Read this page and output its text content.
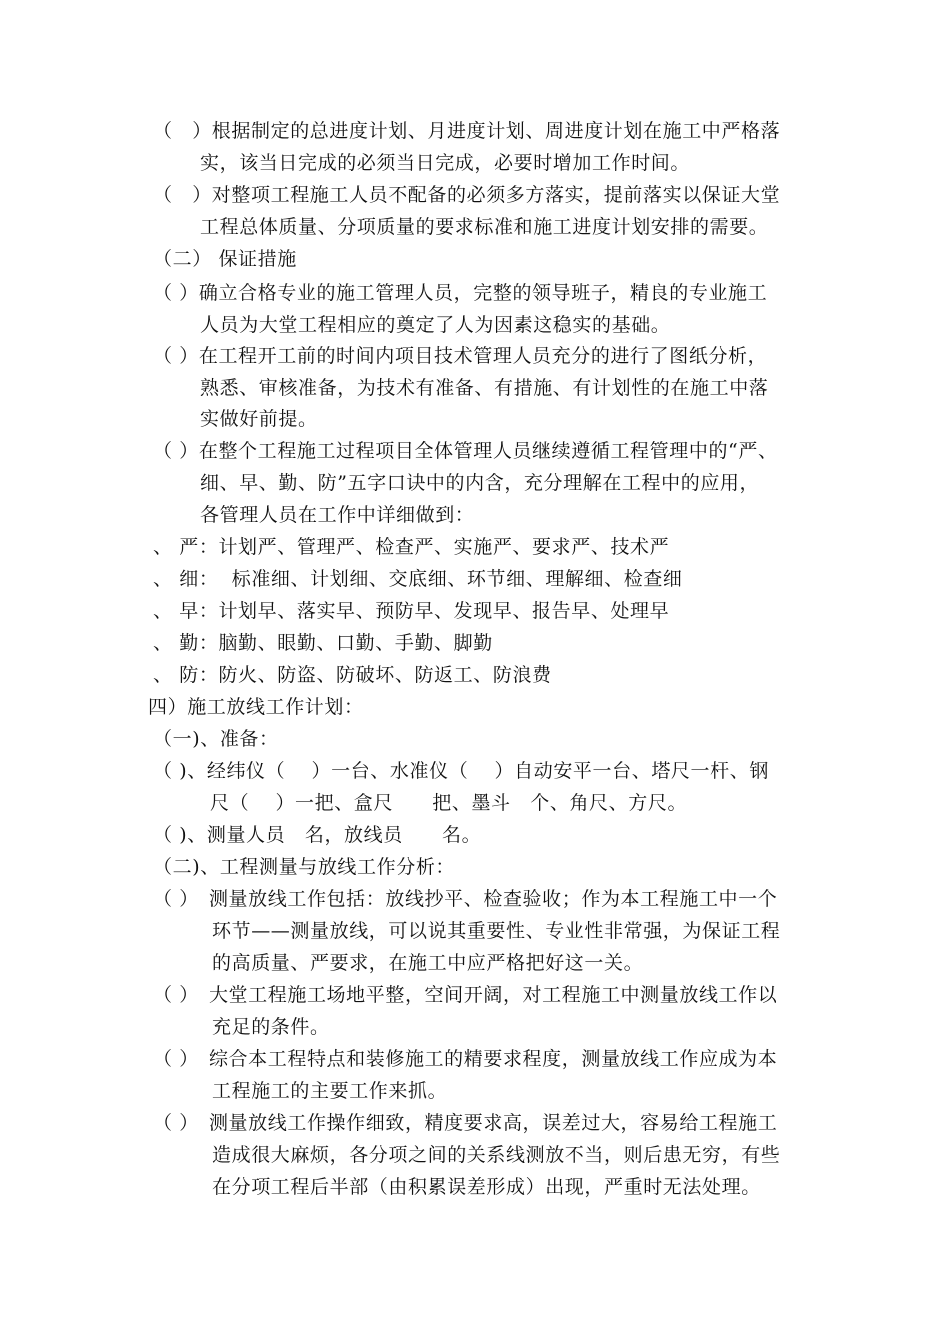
（　）根据制定的总进度计划、月进度计划、周进度计划在施工中严格落
实，该当日完成的必须当日完成，必要时增加工作时间。
（　）对整项工程施工人员不配备的必须多方落实，提前落实以保证大堂
工程总体质量、分项质量的要求标准和施工进度计划安排的需要。
（二） 保证措施
（ ）确立合格专业的施工管理人员，完整的领导班子，精良的专业施工
人员为大堂工程相应的奠定了人为因素这稳实的基础。
（ ）在工程开工前的时间内项目技术管理人员充分的进行了图纸分析，
熟悉、审核准备，为技术有准备、有措施、有计划性的在施工中落
实做好前提。
（ ）在整个工程施工过程项目全体管理人员继续遵循工程管理中的“严、
细、早、勤、防”五字口诀中的内含，充分理解在工程中的应用，
各管理人员在工作中详细做到：
、 严：计划严、管理严、检查严、实施严、要求严、技术严
、 细：  标准细、计划细、交底细、环节细、理解细、检查细
、 早：计划早、落实早、预防早、发现早、报告早、处理早
、 勤：脑勤、眼勤、口勤、手勤、脚勤
、 防：防火、防盗、防破坏、防返工、防浪费
四）施工放线工作计划：
（一)、准备：
（ )、经纬仪（　 ）一台、水准仪（　 ）自动安平一台、塔尺一杆、钢
尺（　 ）一把、盒尺　　把、墨斗　个、角尺、方尺。
（ )、测量人员　名，放线员　　名。
（二)、工程测量与放线工作分析：
（ ）　测量放线工作包括：放线抄平、检查验收；作为本工程施工中一个
环节——测量放线，可以说其重要性、专业性非常强，为保证工程
的高质量、严要求，在施工中应严格把好这一关。
（ ）　大堂工程施工场地平整，空间开阔，对工程施工中测量放线工作以
充足的条件。
（ ）　综合本工程特点和装修施工的精要求程度，测量放线工作应成为本
工程施工的主要工作来抓。
（ ）　测量放线工作操作细致，精度要求高，误差过大，容易给工程施工
造成很大麻烦，各分项之间的关系线测放不当，则后患无穷，有些
在分项工程后半部（由积累误差形成）出现，严重时无法处理。
